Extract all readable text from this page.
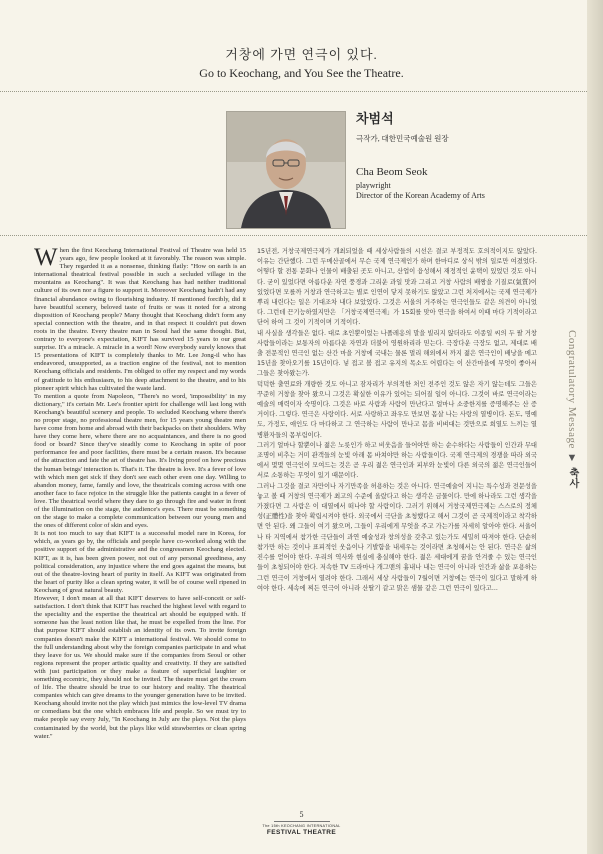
거창에 가면 연극이 있다.
Go to Keochang, and You See the Theatre.

차범석

극작가, 대한민국예술원 원장

Cha Beom Seok

playwright

Director of the Korean Academy of Arts

When the first Keochang International Festival of Theatre was held 15 years ago, few people looked at it favorably. The reason was simple. They regarded it as a nonsense, thinking flatly: "How on earth is an international theatrical festival possible in such a secluded village in the mountains as Keochang". It was that Keochang has had neither traditional culture of its own nor a figure to support it. Moreover Keochang hadn't had any financial abundance owing to flourishing industry. If mentioned forcibly, did it have beautiful scenery, beloved taste of fruits or was it noted for a strong disposition of Keochang people? Many thought that Keochang didn't form any special connection with the theatre, and in that respect it couldn't put down roots in the theatre. Every theatre man in Seoul had the same thought. But, contrary to everyone's expectation, KIFT has survived 15 years to our great surprise. It's a miracle. A miracle in a word! Now everybody surely knows that 15 presentations of KIFT is completely thanks to Mr. Lee Jong-il who has endeavored, unsupported, as a traction engine of the festival, not to mention Keochang officials and residents. I'm obliged to offer my respect and my words of gratitude to his enthusiasm, to his deep attachment to the theatre, and to his pioneer spirit which has cultivated the waste land.

To mention a quote from Napoleon, "There's no word, 'impossibility' in my dictionary," it's certain Mr. Lee's frontier spirit for challenge will last long with Keochang's beautiful scenery and people. To secluded Keochang where there's no proper stage, no professional theatre men, for 15 years young theatre men have come from home and abroad with their backpacks on their shoulders. Why have they come here, where there are no acquaintances, and there is no good food or board? Since they've steadily come to Keochang in spite of poor performance fee and poor facilities, there must be a certain reason. It's because of the attraction and fate the art of theatre has. It's living proof on how precious the human beings' interaction is. That's it. The theatre is love. It's a fever of love with which men get sick if they don't see each other even one day. Willing to abandon money, fame, family and love, the theatricals coming across with one another face to face rejoice in the struggle like the patients caught in a fever of love. The theatrical world where they dare to go through fire and water in front of the illumination on the stage, the audience's eyes. There must be something on the stage to make a complete communication between our young men and the ones of different color of skin and eyes.

It is not too much to say that KIFT is a successful model rare in Korea, for which, as years go by, the officials and people have co-worked along with the positive support of the administrative and the congressmen Keochang elected. KIFT, as it is, has been given power, not out of any personal greediness, any political consideration, any injustice where the end goes against the means, but out of the theatre-loving heart of purity in itself. As KIFT was originated from the heart of purity like a clean spring water, it will be of course well ripened in Keochang of great natural beauty.

However, I don't mean at all that KIFT deserves to have self-conceit or self-satisfaction. I don't think that KIFT has reached the highest level with regard to the speciality and the expertise the theatrical art should be equipped with. If someone has the least notion like that, he must be expelled from the line. For that purpose KIFT should establish an identity of its own. To invite foreign companies doesn't make the KIFT a international festival. We should come to the full understanding about why the foreign companies participate in and what they leave for us. We should make sure if the companies from Seoul or other regions represent the proper artistic quality and creativity. If they are satisfied with just participation or they make a feature of superficial laughter or something eccentric, they should not be invited. The theatre must get the cream of life. The theatre should be true to our history and reality. The theatrical companies which can give dreams to the younger generation have to be invited. Keochang should invite not the play which just mimics the low-level TV drama or comedians but the one which embraces life and people. So we must try to make people say every July, "In Keochang in July are the plays. Not the plays contaminated by the world, but the plays like wild strawberries or clean spring water."

15년전, 거창국제연극제가 개최되었을 때 세상사람들의 시선은 결코 부정적도 호의적이지도 않았다. 이유는 간단했다. 그런 두메산골에서 무슨 국제 연극제인가 하며 한마디로 상식 밖의 일로만 여겼었다. 어떻다 할 전통 문화나 인물이 배출된 곳도 아니고, 산업이 융성해서 재정적인 윤택이 있었던 것도 아니다. 굳이 있었다면 아름다운 자연 풍경과 그리운 과일 맛과 그리고 거창 사람의 배짱을 기질로(氣質)이 있었다면 모를까 거창과 연극하고는 별로 인연이 닿지 못하기도 않았고 그런 처지에서는 국제 연극제가 뿌리 내린다는 일은 기대조차 내다 보았었다. 그것은 서울의 거주하는 연극인들도 같은 의견이 아니었다. 그런데 끈기능하였지만은 「거창국제연극제」가 15회를 맞아 연극을 하여서 이때 마다 기적이라고 단어 하여 그 것이 기적이며 기적이다.

내 사실을 생각들은 없다. 대로 초인뿐이었는 나폴레옹의 말을 빌리지 않더라도 이종일 씨의 두 팔 거창 사람들이라는 보통자의 아름다운 자연과 더불어 영원하리라 믿는다. 극장다운 극장도 없고, 제대로 배출 전문적인 연극인 없는 산간 마을 거창에 국내는 물론 멀리 해외에서 까지 젊은 연극인이 배낭을 메고 15년을 찾아오기를 15년이다. 넣 접고 볼 접고 유지의 목소도 어렵다는 이 산간마을에 무엇이 좋아서 그들은 찾아왔는가.

덕덕한 출연료와 개량한 것도 아니고 잠자리가 부의적한 처인 전주인 것도 않은 자기 않는데도 그들은 꾸준히 거창을 찾아 왔으니 그것은 확실한 이유가 있어는 되어질 일이 아니다. 그것이 바로 연극이라는 예술의 매력이자 숙명이다. 그것은 바로 사람과 사람이 만난다고 얼마나 소중한지를 증명해주는 산 증거이다. 그렇다. 연극은 사랑이다. 서로 사랑하고 좌우도 만보면 몸살 나는 사랑의 열병이다. 돈도, 명예도, 가정도, 애인도 다 마다하고 그 연극하는 사람이 만나고 몸을 비벼대는 것만으로 희열도 느끼는 열병환자들의 몸부림이다.

그러기 얼마나 할뿐이나 젊은 노릇인가 하고 비웃음을 들어야만 하는 순수하다는 사람들이 인간과 무대 조명이 비추는 거미 관객들의 눈빛 아래 몸 바쳐야만 하는 사람들이다. 국제 연극제의 경쟁을 따라 외국에서 몇몇 연극인이 모여드는 것은 곧 우리 젊은 연극인과 피부와 눈빛이 다른 외국의 젊은 연극인들이 서로 소통하는 무엇이 있기 때문이다.

그러나 그것을 결코 자만이나 자기만족을 허용하는 것은 아니다. 연극예술이 지니는 특수성과 전문성을 놓고 볼 때 거창의 연극제가 최고의 수준에 올랐다고 하는 생각은 금물이다. 만에 하나라도 그런 생각을 가졌다면 그 사람은 이 대열에서 떠나야 할 사람이다. 그러기 위해서 거창국제연극제는 스스로의 정체성(正體性)을 찾아 확립시켜야 한다. 외국에서 극단을 초청했다고 해서 그것이 곧 국제적이라고 착각하면 안 된다. 왜 그들이 여기 왔으며, 그들이 우리에게 무엇을 주고 가는가를 자세히 알아야 한다. 서울이나 타 지역에서 참가한 극단들이 과연 예술성과 창의성을 갖추고 있는가도 세밀히 따져야 한다. 단순히 참가만 하는 것이나 표피적인 웃음이나 기발함을 내세우는 것이라면 초청해서는 안 된다. 연극은 삶의 진수를 얻어야 한다. 우리의 역사와 현실에 충실해야 한다. 젊은 세대에게 꿈을 안겨줄 수 있는 연극인들이 초청되어야 한다. 저속한 TV 드라마나 개그맨의 흉내나 내는 연극이 아니라 인간과 삶을 포용하는 그런 연극이 거창에서 열려야 한다. 그래서 세상 사람들이 7월이면 거창에는 연극이 있다고 말하게 하여야 한다. 세속에 찌든 연극이 아니라 산딸기 같고 맑은 샘물 같은 그런 연극이 있다고...

Congratulatory Message ▼ 축사

5

The 15th KEOCHANG INTERNATIONAL

FESTIVAL THEATRE
